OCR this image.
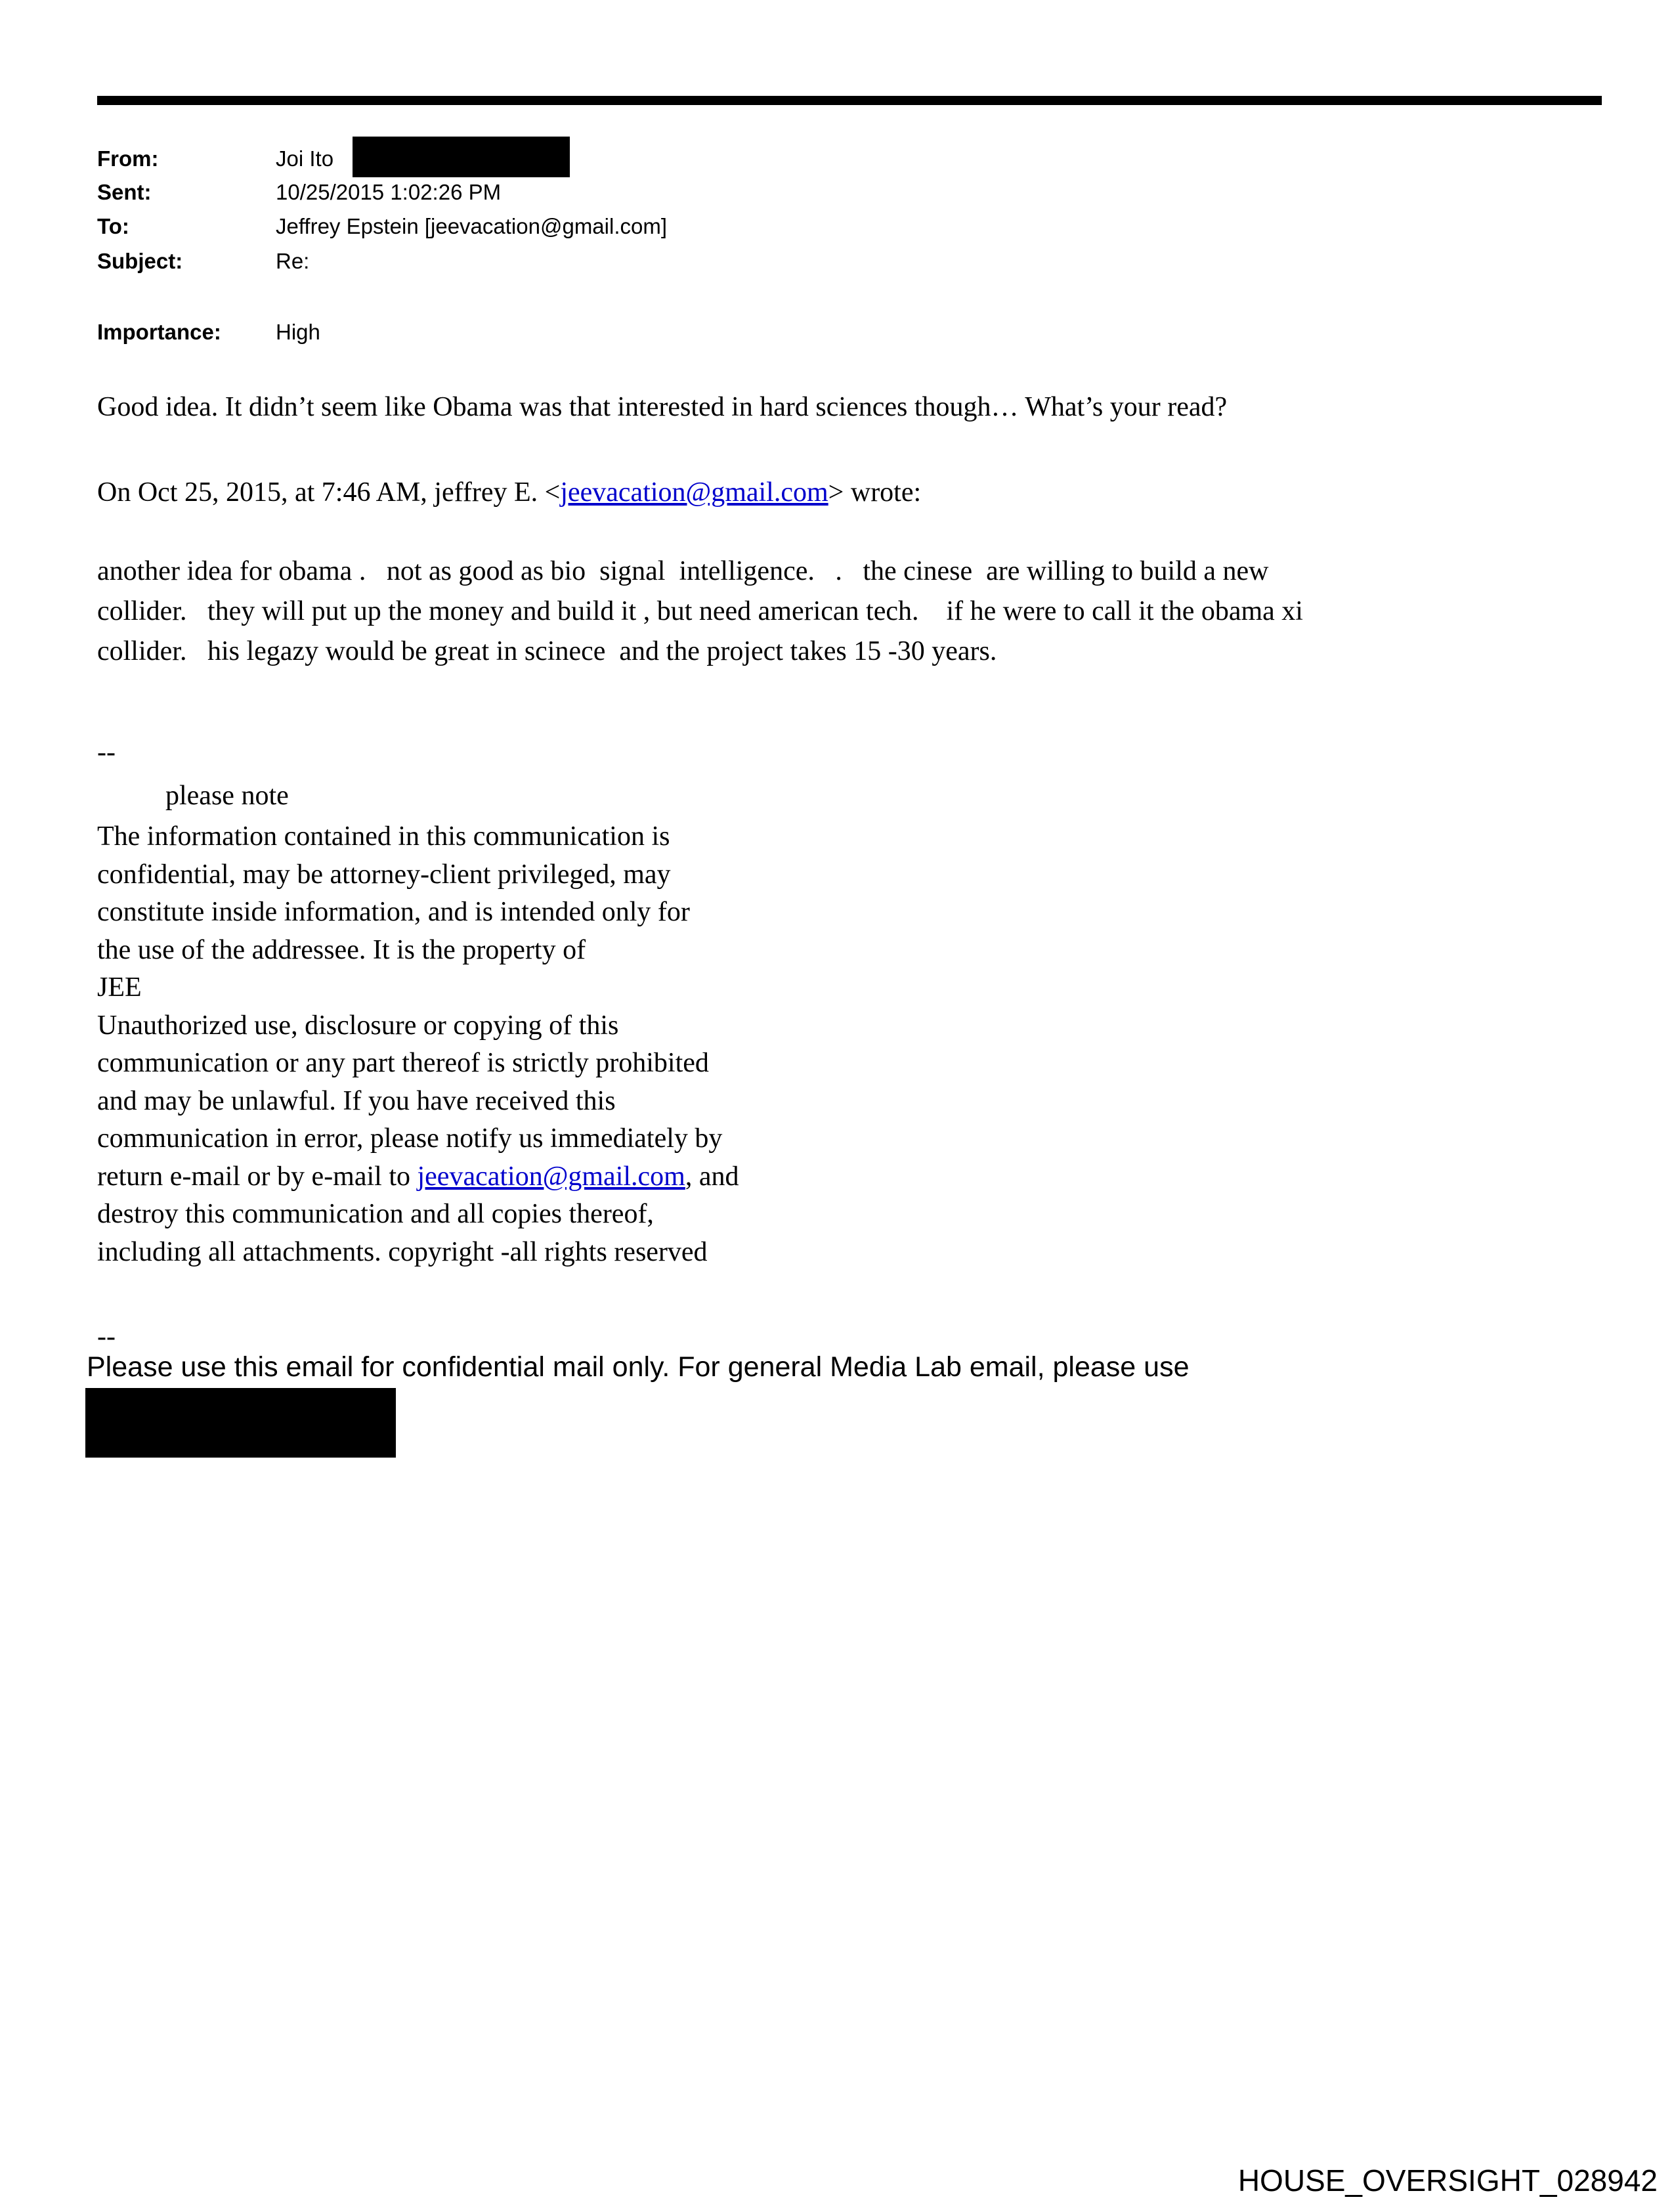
From:	Joi Ito
Sent:	10/25/2015 1:02:26 PM
To:	Jeffrey Epstein [jeevacation@gmail.com]
Subject:	Re:
Importance:	High
Good idea. It didn’t seem like Obama was that interested in hard sciences though… What’s your read?
On Oct 25, 2015, at 7:46 AM, jeffrey E. <jeevacation@gmail.com> wrote:
another idea for obama .   not as good as bio  signal  intelligence.   .   the cinese  are willing to build a new
collider.   they will put up the money and build it , but need american tech.    if he were to call it the obama xi
collider.   his legazy would be great in scinece  and the project takes 15 -30 years.
--
please note
The information contained in this communication is
confidential, may be attorney-client privileged, may
constitute inside information, and is intended only for
the use of the addressee. It is the property of
JEE
Unauthorized use, disclosure or copying of this
communication or any part thereof is strictly prohibited
and may be unlawful. If you have received this
communication in error, please notify us immediately by
return e-mail or by e-mail to jeevacation@gmail.com, and
destroy this communication and all copies thereof,
including all attachments. copyright -all rights reserved
--
Please use this email for confidential mail only. For general Media Lab email, please use
HOUSE_OVERSIGHT_028942
